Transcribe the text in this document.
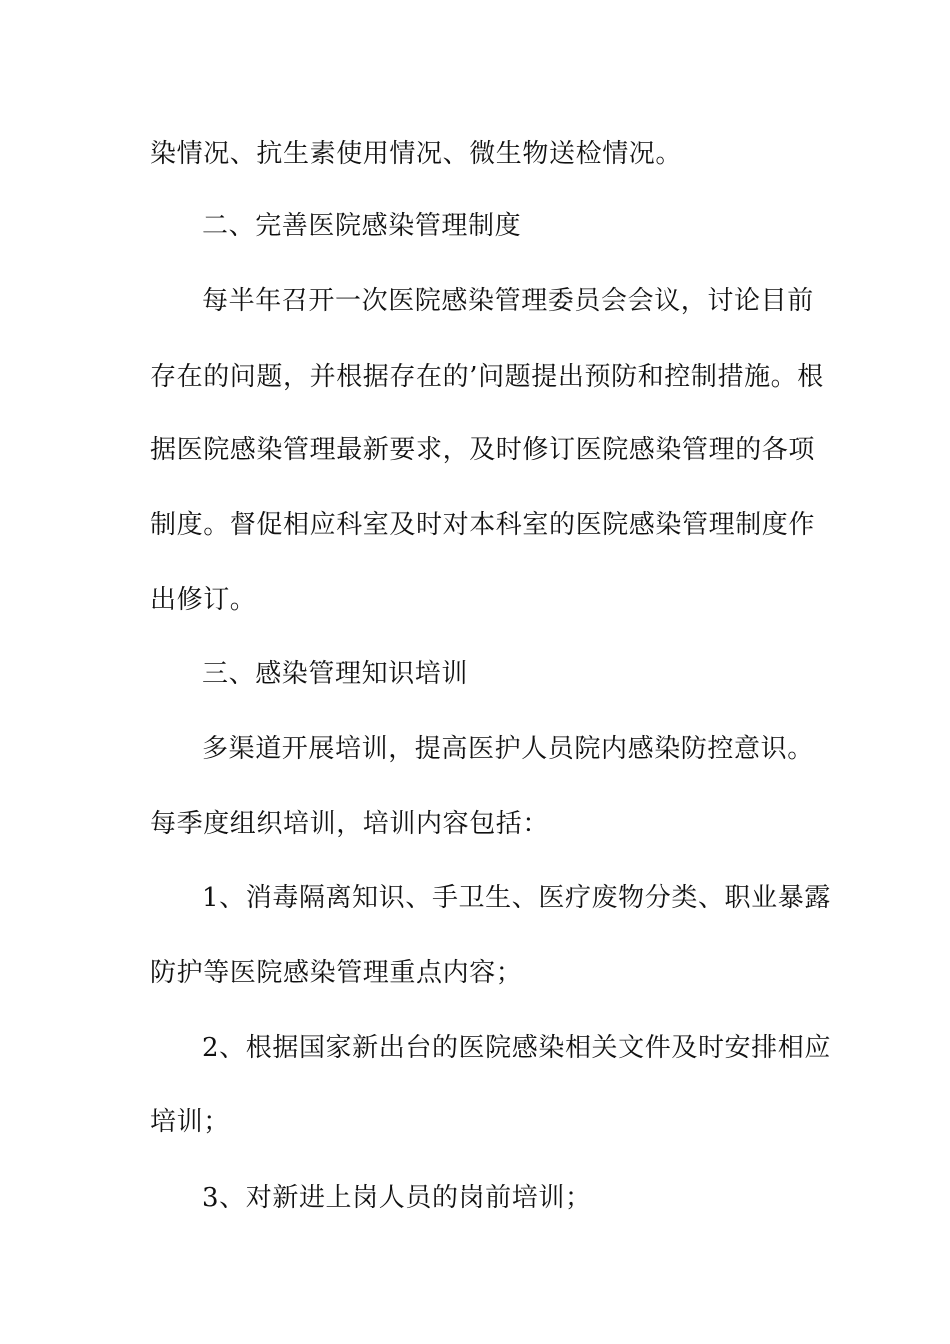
染情况、抗生素使用情况、微生物送检情况。
二、完善医院感染管理制度
每半年召开一次医院感染管理委员会会议，讨论目前
存在的问题，并根据存在的’问题提出预防和控制措施。根
据医院感染管理最新要求，及时修订医院感染管理的各项
制度。督促相应科室及时对本科室的医院感染管理制度作
出修订。
三、感染管理知识培训
多渠道开展培训，提高医护人员院内感染防控意识。
每季度组织培训，培训内容包括：
1、消毒隔离知识、手卫生、医疗废物分类、职业暴露
防护等医院感染管理重点内容；
2、根据国家新出台的医院感染相关文件及时安排相应
培训；
3、对新进上岗人员的岗前培训；
